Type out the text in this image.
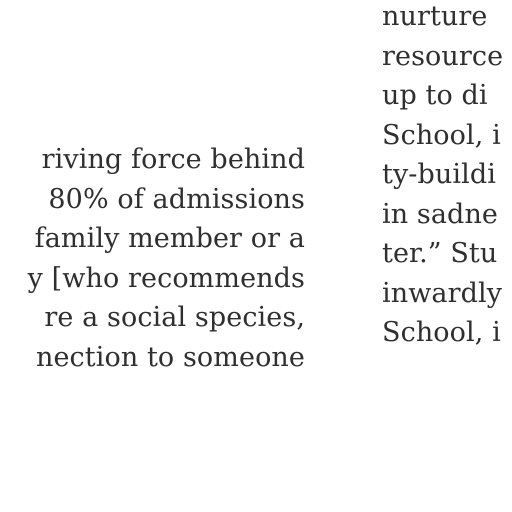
riving force behind
80% of admissions
family member or a
y [who recommends
re a social species,
nection to someone
nurture
resource
up to di
School, i
ty-buildi
in sadne
ter.” Stu
inwardly
School, i
